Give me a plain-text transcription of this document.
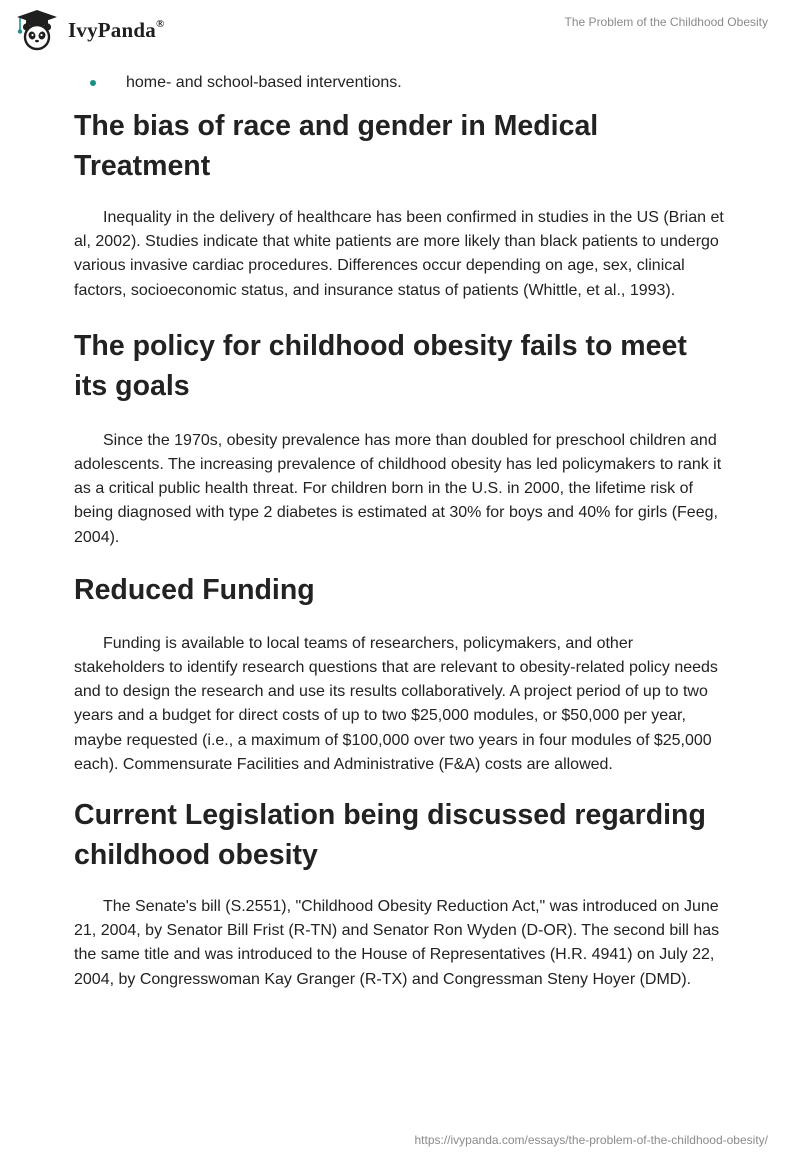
IvyPanda®	The Problem of the Childhood Obesity
home- and school-based interventions.
The bias of race and gender in Medical Treatment

Inequality in the delivery of healthcare has been confirmed in studies in the US (Brian et al, 2002). Studies indicate that white patients are more likely than black patients to undergo various invasive cardiac procedures. Differences occur depending on age, sex, clinical factors, socioeconomic status, and insurance status of patients (Whittle, et al., 1993).

The policy for childhood obesity fails to meet its goals

Since the 1970s, obesity prevalence has more than doubled for preschool children and adolescents. The increasing prevalence of childhood obesity has led policymakers to rank it as a critical public health threat. For children born in the U.S. in 2000, the lifetime risk of being diagnosed with type 2 diabetes is estimated at 30% for boys and 40% for girls (Feeg, 2004).

Reduced Funding

Funding is available to local teams of researchers, policymakers, and other stakeholders to identify research questions that are relevant to obesity-related policy needs and to design the research and use its results collaboratively. A project period of up to two years and a budget for direct costs of up to two $25,000 modules, or $50,000 per year, maybe requested (i.e., a maximum of $100,000 over two years in four modules of $25,000 each). Commensurate Facilities and Administrative (F&A) costs are allowed.

Current Legislation being discussed regarding childhood obesity

The Senate's bill (S.2551), "Childhood Obesity Reduction Act," was introduced on June 21, 2004, by Senator Bill Frist (R-TN) and Senator Ron Wyden (D-OR). The second bill has the same title and was introduced to the House of Representatives (H.R. 4941) on July 22, 2004, by Congresswoman Kay Granger (R-TX) and Congressman Steny Hoyer (DMD).

https://ivypanda.com/essays/the-problem-of-the-childhood-obesity/
